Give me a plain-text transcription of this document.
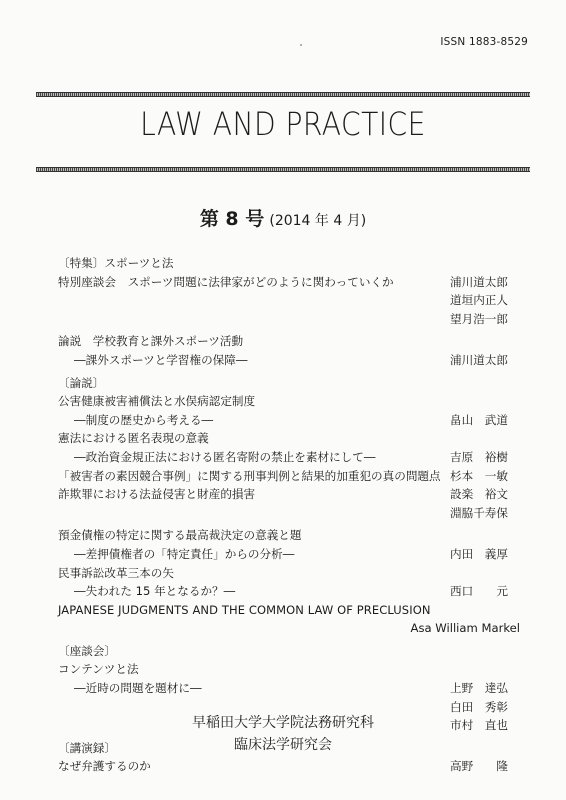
ISSN 1883-8529
LAW AND PRACTICE
第 8 号 (2014 年 4 月)
〔特集〕スポーツと法
特別座談会　スポーツ問題に法律家がどのように関わっていくか	浦川道太郎
道垣内正人
望月浩一郎
論説　学校教育と課外スポーツ活動
―課外スポーツと学習権の保障―	浦川道太郎
〔論説〕
公害健康被害補償法と水俣病認定制度
―制度の歴史から考える―	畠山　武道
憲法における匿名表現の意義
―政治資金規正法における匿名寄附の禁止を素材にして―	吉原　裕樹
「被害者の素因競合事例」に関する刑事判例と結果的加重犯の真の問題点 杉本　一敏
詐欺罪における法益侵害と財産的損害	設楽　裕文
淵脇千寿保
預金債権の特定に関する最高裁決定の意義と題
―差押債権者の「特定責任」からの分析―	内田　義厚
民事訴訟改革三本の矢
―失われた 15 年となるか？―	西口　　元
JAPANESE JUDGMENTS AND THE COMMON LAW OF PRECLUSION
Asa William Markel
〔座談会〕
コンテンツと法
―近時の問題を題材に―	上野　達弘
白田　秀彰
市村　直也
〔講演録〕
なぜ弁護するのか	高野　　隆
早稲田大学大学院法務研究科
臨床法学研究会
